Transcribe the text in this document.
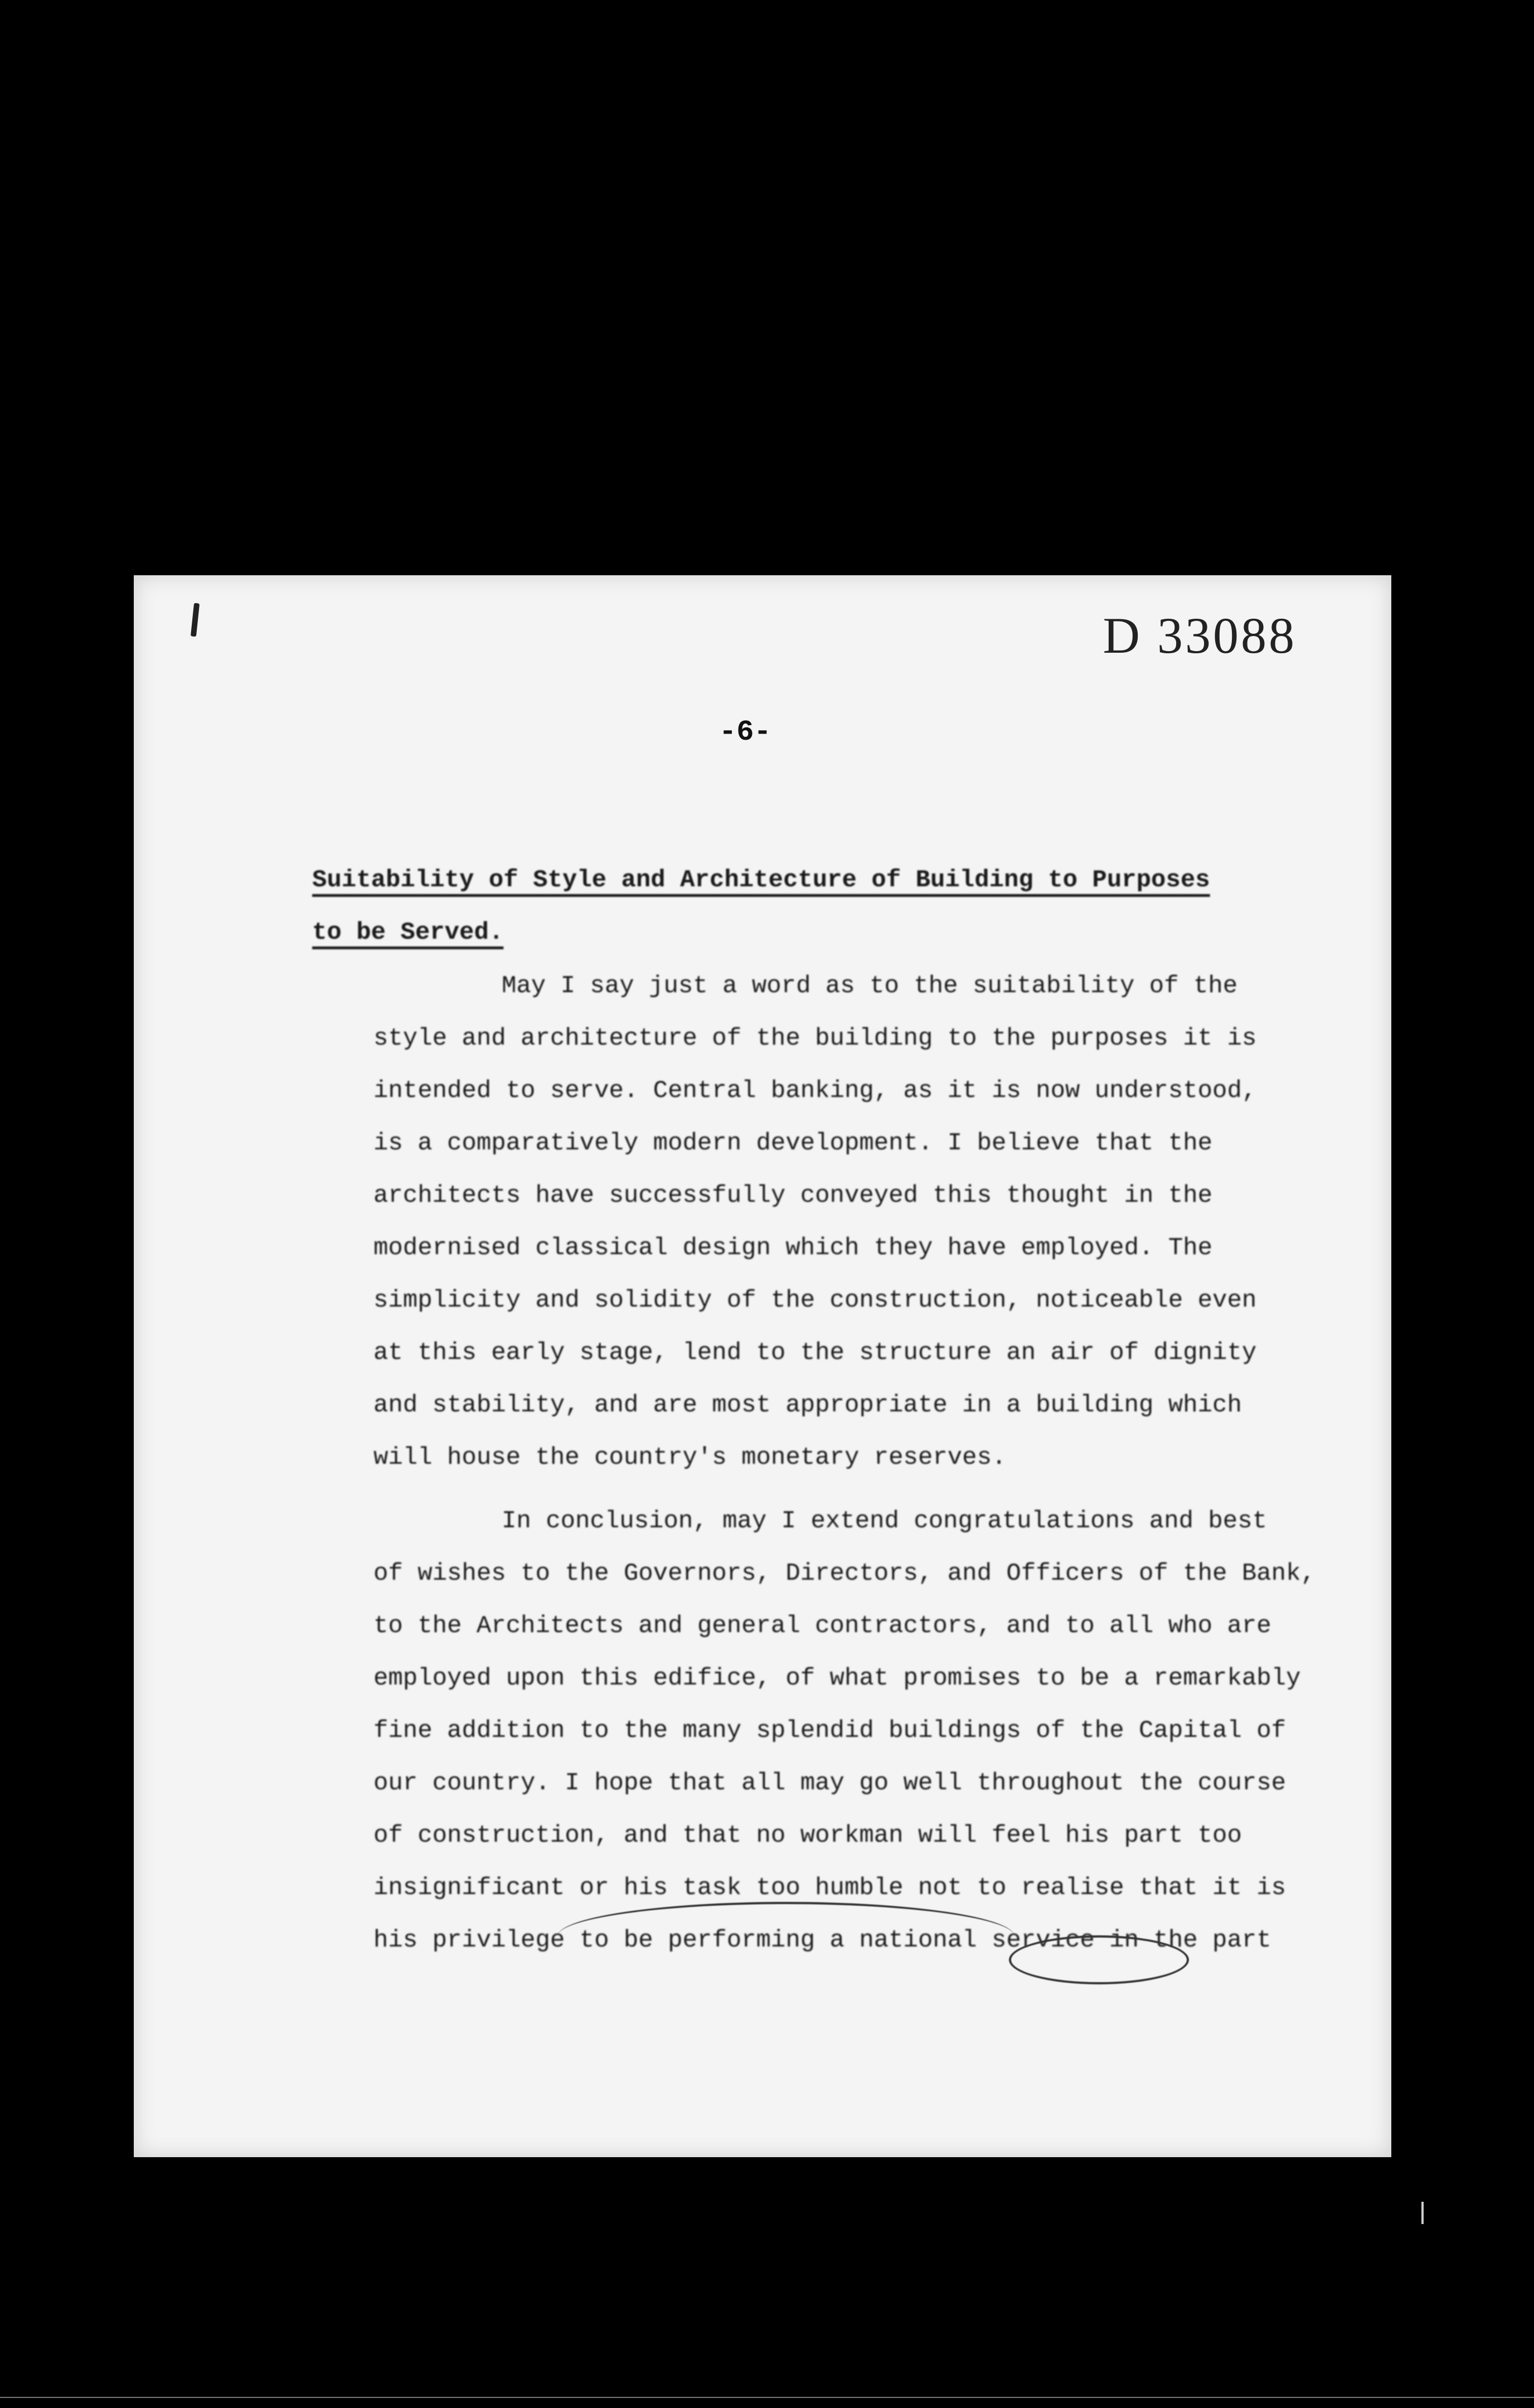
D 33088

-6-

Suitability of Style and Architecture of Building to Purposes
to be Served.

May I say just a word as to the suitability of the
style and architecture of the building to the purposes it is
intended to serve. Central banking, as it is now understood,
is a comparatively modern development. I believe that the
architects have successfully conveyed this thought in the
modernised classical design which they have employed. The
simplicity and solidity of the construction, noticeable even
at this early stage, lend to the structure an air of dignity
and stability, and are most appropriate in a building which
will house the country's monetary reserves.

In conclusion, may I extend congratulations and best
of wishes to the Governors, Directors, and Officers of the Bank,
to the Architects and general contractors, and to all who are
employed upon this edifice, of what promises to be a remarkably
fine addition to the many splendid buildings of the Capital of
our country. I hope that all may go well throughout the course
of construction, and that no workman will feel his part too
insignificant or his task too humble not to realise that it is
his privilege to be performing a national service in the part
